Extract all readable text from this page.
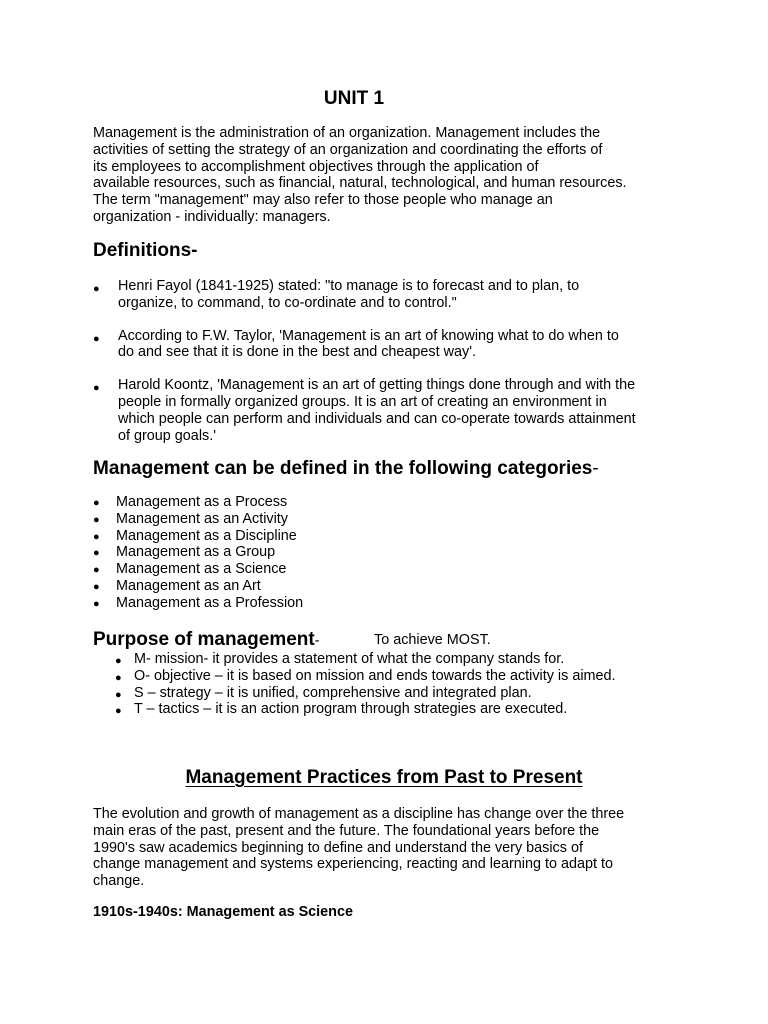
UNIT 1
Management is the administration of an organization. Management includes the
activities of setting the strategy of an organization and coordinating the efforts of
its employees to accomplishment objectives through the application of
available resources, such as financial, natural, technological, and human resources.
The term "management" may also refer to those people who manage an
organization - individually: managers.
Definitions-
● Henri Fayol (1841-1925) stated: "to manage is to forecast and to plan, to
organize, to command, to co-ordinate and to control."
● According to F.W. Taylor, 'Management is an art of knowing what to do when to
do and see that it is done in the best and cheapest way'.
● Harold Koontz, 'Management is an art of getting things done through and with the
people in formally organized groups. It is an art of creating an environment in
which people can perform and individuals and can co-operate towards attainment
of group goals.'
Management can be defined in the following categories-
● Management as a Process
● Management as an Activity
● Management as a Discipline
● Management as a Group
● Management as a Science
● Management as an Art
● Management as a Profession
Purpose of management-	To achieve MOST.
● M- mission- it provides a statement of what the company stands for.
● O- objective – it is based on mission and ends towards the activity is aimed.
● S – strategy – it is unified, comprehensive and integrated plan.
● T – tactics – it is an action program through strategies are executed.
Management Practices from Past to Present
The evolution and growth of management as a discipline has change over the three
main eras of the past, present and the future. The foundational years before the
1990's saw academics beginning to define and understand the very basics of
change management and systems experiencing, reacting and learning to adapt to
change.
1910s-1940s: Management as Science
